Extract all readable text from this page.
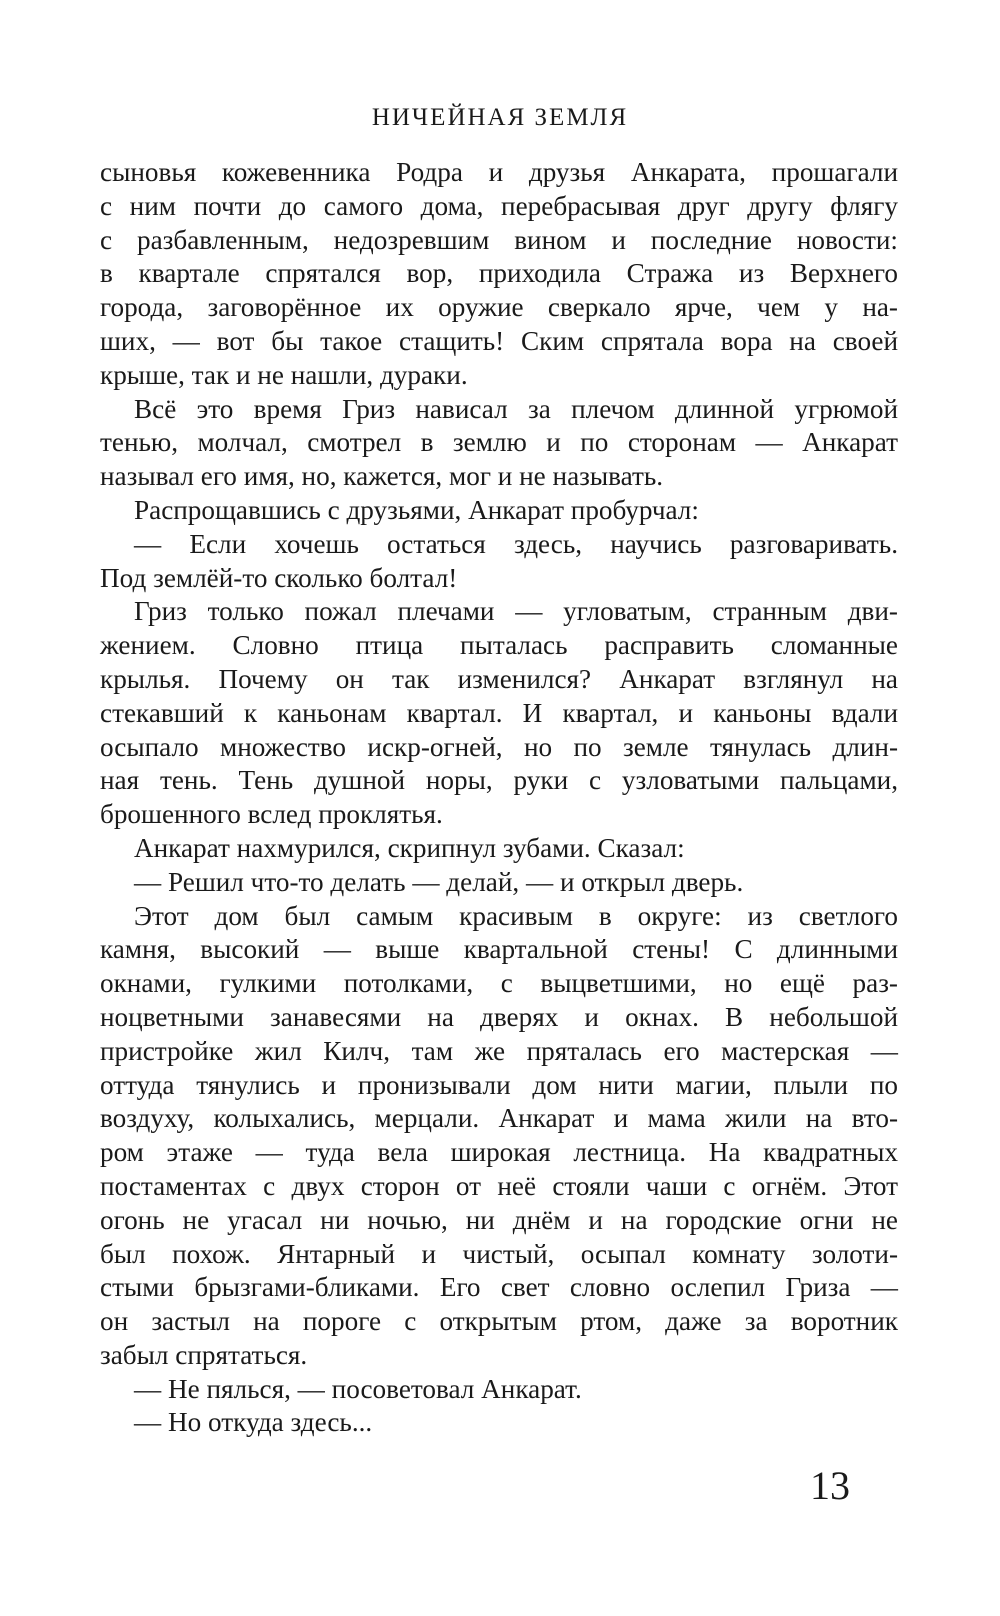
НИЧЕЙНАЯ ЗЕМЛЯ
сыновья кожевенника Родра и друзья Анкарата, прошагали
с ним почти до самого дома, перебрасывая друг другу флягу
с разбавленным, недозревшим вином и последние новости:
в квартале спрятался вор, приходила Стража из Верхнего
города, заговорённое их оружие сверкало ярче, чем у на-
ших, — вот бы такое стащить! Ским спрятала вора на своей
крыше, так и не нашли, дураки.
Всё это время Гриз нависал за плечом длинной угрюмой
тенью, молчал, смотрел в землю и по сторонам — Анкарат
называл его имя, но, кажется, мог и не называть.
Распрощавшись с друзьями, Анкарат пробурчал:
— Если хочешь остаться здесь, научись разговаривать.
Под землёй-то сколько болтал!
Гриз только пожал плечами — угловатым, странным дви-
жением. Словно птица пыталась расправить сломанные
крылья. Почему он так изменился? Анкарат взглянул на
стекавший к каньонам квартал. И квартал, и каньоны вдали
осыпало множество искр-огней, но по земле тянулась длин-
ная тень. Тень душной норы, руки с узловатыми пальцами,
брошенного вслед проклятья.
Анкарат нахмурился, скрипнул зубами. Сказал:
— Решил что-то делать — делай, — и открыл дверь.
Этот дом был самым красивым в округе: из светлого
камня, высокий — выше квартальной стены! С длинными
окнами, гулкими потолками, с выцветшими, но ещё раз-
ноцветными занавесями на дверях и окнах. В небольшой
пристройке жил Килч, там же пряталась его мастерская —
оттуда тянулись и пронизывали дом нити магии, плыли по
воздуху, колыхались, мерцали. Анкарат и мама жили на вто-
ром этаже — туда вела широкая лестница. На квадратных
постаментах с двух сторон от неё стояли чаши с огнём. Этот
огонь не угасал ни ночью, ни днём и на городские огни не
был похож. Янтарный и чистый, осыпал комнату золоти-
стыми брызгами-бликами. Его свет словно ослепил Гриза —
он застыл на пороге с открытым ртом, даже за воротник
забыл спрятаться.
— Не пялься, — посоветовал Анкарат.
— Но откуда здесь...
13
